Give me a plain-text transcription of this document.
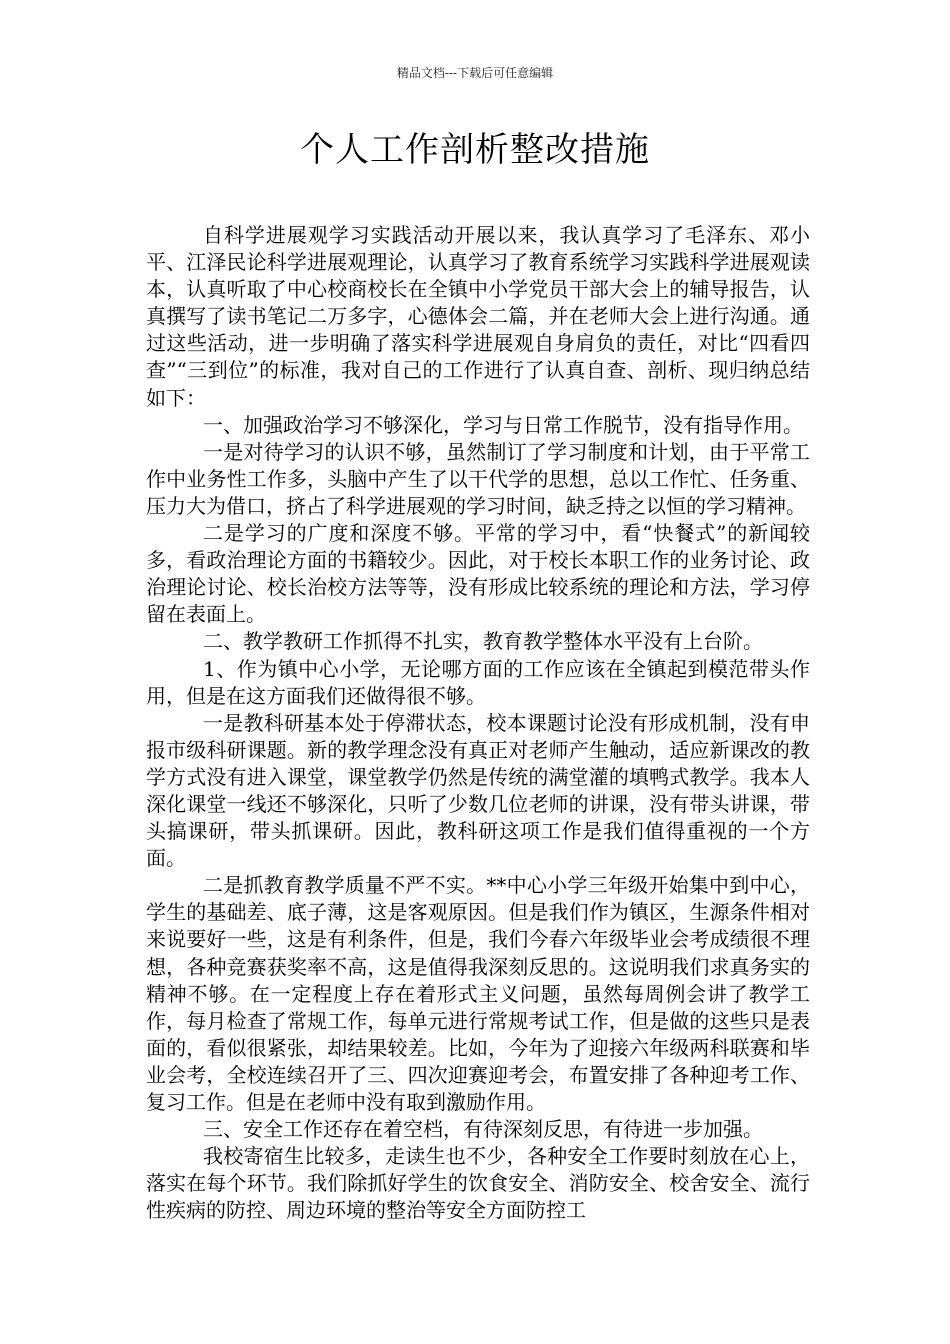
精品文档---下载后可任意编辑
个人工作剖析整改措施

自科学进展观学习实践活动开展以来，我认真学习了毛泽东、邓小平、江泽民论科学进展观理论，认真学习了教育系统学习实践科学进展观读本，认真听取了中心校商校长在全镇中小学党员干部大会上的辅导报告，认真撰写了读书笔记二万多字，心德体会二篇，并在老师大会上进行沟通。通过这些活动，进一步明确了落实科学进展观自身肩负的责任，对比“四看四查”“三到位”的标准，我对自己的工作进行了认真自查、剖析、现归纳总结如下：

一、加强政治学习不够深化，学习与日常工作脱节，没有指导作用。

一是对待学习的认识不够，虽然制订了学习制度和计划，由于平常工作中业务性工作多，头脑中产生了以干代学的思想，总以工作忙、任务重、压力大为借口，挤占了科学进展观的学习时间，缺乏持之以恒的学习精神。

二是学习的广度和深度不够。平常的学习中，看“快餐式”的新闻较多，看政治理论方面的书籍较少。因此，对于校长本职工作的业务讨论、政治理论讨论、校长治校方法等等，没有形成比较系统的理论和方法，学习停留在表面上。

二、教学教研工作抓得不扎实，教育教学整体水平没有上台阶。

1、作为镇中心小学，无论哪方面的工作应该在全镇起到模范带头作用，但是在这方面我们还做得很不够。

一是教科研基本处于停滞状态，校本课题讨论没有形成机制，没有申报市级科研课题。新的教学理念没有真正对老师产生触动，适应新课改的教学方式没有进入课堂，课堂教学仍然是传统的满堂灌的填鸭式教学。我本人深化课堂一线还不够深化，只听了少数几位老师的讲课，没有带头讲课，带头搞课研，带头抓课研。因此，教科研这项工作是我们值得重视的一个方面。

二是抓教育教学质量不严不实。**中心小学三年级开始集中到中心，学生的基础差、底子薄，这是客观原因。但是我们作为镇区，生源条件相对来说要好一些，这是有利条件，但是，我们今春六年级毕业会考成绩很不理想，各种竞赛获奖率不高，这是值得我深刻反思的。这说明我们求真务实的精神不够。在一定程度上存在着形式主义问题，虽然每周例会讲了教学工作，每月检查了常规工作，每单元进行常规考试工作，但是做的这些只是表面的，看似很紧张，却结果较差。比如，今年为了迎接六年级两科联赛和毕业会考，全校连续召开了三、四次迎赛迎考会，布置安排了各种迎考工作、复习工作。但是在老师中没有取到激励作用。

三、安全工作还存在着空档，有待深刻反思，有待进一步加强。

我校寄宿生比较多，走读生也不少，各种安全工作要时刻放在心上，落实在每个环节。我们除抓好学生的饮食安全、消防安全、校舍安全、流行性疾病的防控、周边环境的整治等安全方面防控工
